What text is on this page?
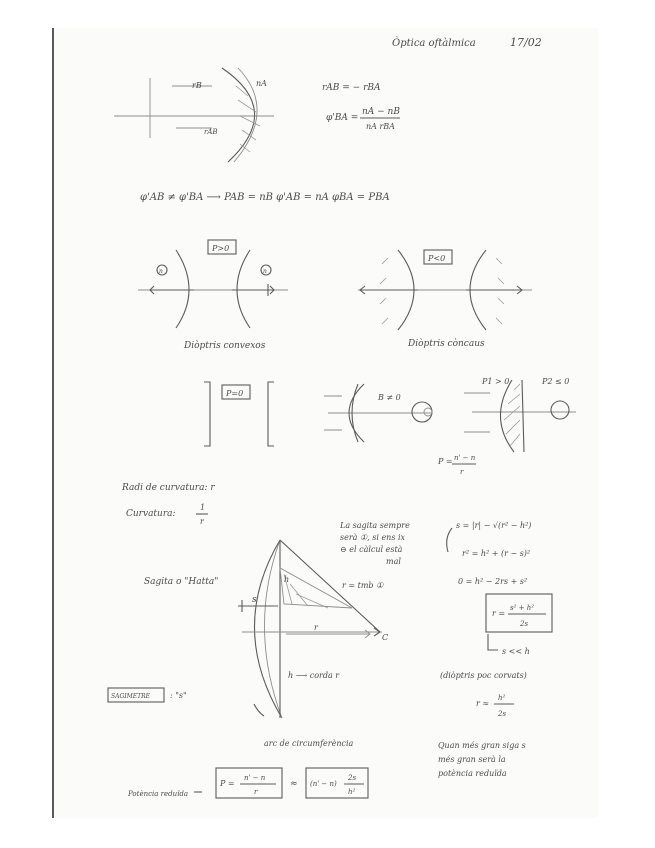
Òptica oftàlmica	17/02
rB	nA
rAB
rAB = − rBA
φ'BA =
nA − nB
nA rBA
φ'AB ≠ φ'BA ⟶ PAB = nB φ'AB = nA φBA = PBA
P>0
n	n
Diòptris convexos
P<0
Diòptris còncaus
P=0	B ≠ 0
P1 > 0	P2 ≤ 0
P = n' − n
r
Radi de curvatura: r
Curvatura:
1
r
h
s
r
C
Sagita o "Hatta"
La sagita sempre
serà ①, si ens ix
⊖ el càlcul està
mal
r = tmb ①
s = |r| − √(r² − h²)
r² = h² + (r − s)²
0 = h² − 2rs + s²
r =
s² + h²
2s
s << h
(diòptris poc corvats)
r ≈
h²
2s
h ⟶ corda r
SAGIMETRE : "s"
arc de circumferència	Quan més gran siga s
més gran serà la
potència reduïda
Potència reduïda
P =
n' − n
r
≈ (n' − n)
2s
h²
